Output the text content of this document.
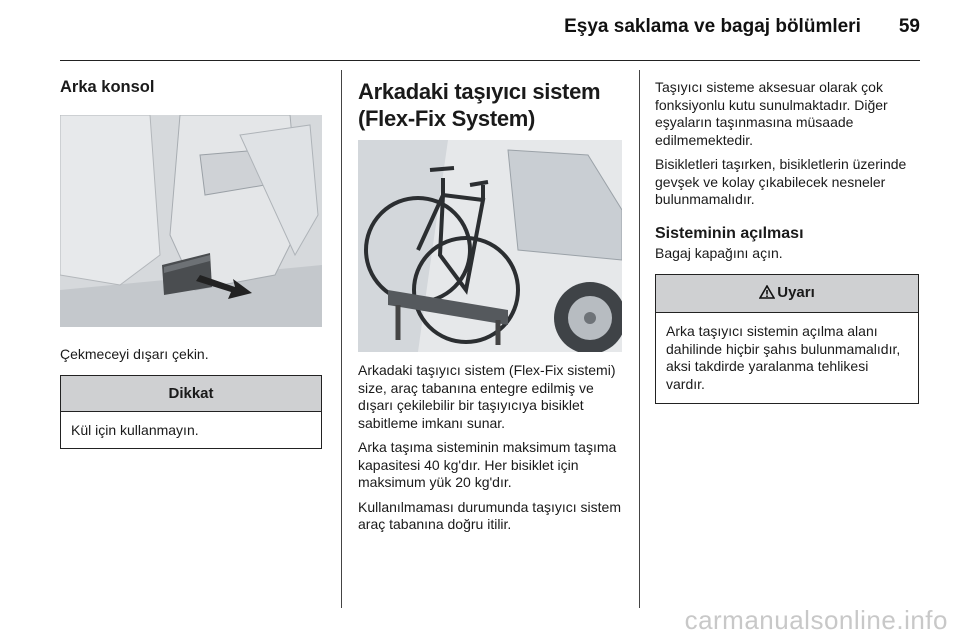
Eşya saklama ve bagaj bölümleri 59
Arka konsol

Çekmeceyi dışarı çekin.

Dikkat
Kül için kullanmayın.
Arkadaki taşıyıcı sistem
(Flex-Fix System)

Arkadaki taşıyıcı sistem (Flex-Fix sistemi) size, araç tabanına entegre edilmiş ve dışarı çekilebilir bir taşıyıcıya bisiklet sabitleme imkanı sunar.

Arka taşıma sisteminin maksimum taşıma kapasitesi 40 kg'dır. Her bisiklet için maksimum yük 20 kg'dır.

Kullanılmaması durumunda taşıyıcı sistem araç tabanına doğru itilir.

Taşıyıcı sisteme aksesuar olarak çok fonksiyonlu kutu sunulmaktadır. Diğer eşyaların taşınmasına müsaade edilmemektedir.

Bisikletleri taşırken, bisikletlerin üzerinde gevşek ve kolay çıkabilecek nesneler bulunmamalıdır.

Sisteminin açılması

Bagaj kapağını açın.

Uyarı
Arka taşıyıcı sistemin açılma alanı dahilinde hiçbir şahıs bulunmamalıdır, aksi takdirde yaralanma tehlikesi vardır.
carmanualsonline.info
